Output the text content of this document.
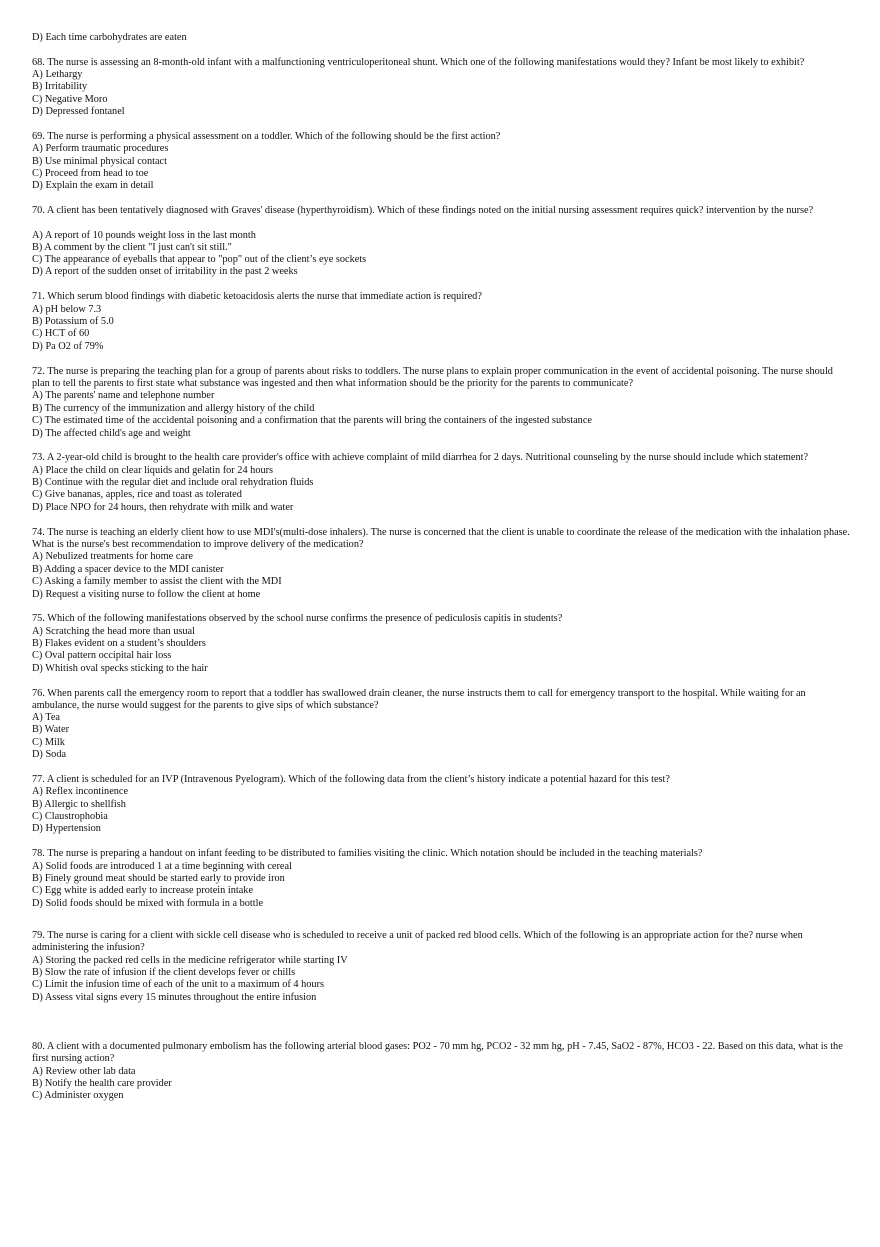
D) Each time carbohydrates are eaten
68. The nurse is assessing an 8-month-old infant with a malfunctioning ventriculoperitoneal shunt. Which one of the following manifestations would they? Infant be most likely to exhibit?
A) Lethargy
B) Irritability
C) Negative Moro
D) Depressed fontanel
69. The nurse is performing a physical assessment on a toddler. Which of the following should be the first action?
A) Perform traumatic procedures
B) Use minimal physical contact
C) Proceed from head to toe
D) Explain the exam in detail
70. A client has been tentatively diagnosed with Graves' disease (hyperthyroidism). Which of these findings noted on the initial nursing assessment requires quick? intervention by the nurse?
A) A report of 10 pounds weight loss in the last month
B) A comment by the client "I just can't sit still."
C) The appearance of eyeballs that appear to "pop" out of the client’s eye sockets
D) A report of the sudden onset of irritability in the past 2 weeks
71. Which serum blood findings with diabetic ketoacidosis alerts the nurse that immediate action is required?
A) pH below 7.3
B) Potassium of 5.0
C) HCT of 60
D) Pa O2 of 79%
72. The nurse is preparing the teaching plan for a group of parents about risks to toddlers. The nurse plans to explain proper communication in the event of accidental poisoning. The nurse should plan to tell the parents to first state what substance was ingested and then what information should be the priority for the parents to communicate?
A) The parents' name and telephone number
B) The currency of the immunization and allergy history of the child
C) The estimated time of the accidental poisoning and a confirmation that the parents will bring the containers of the ingested substance
D) The affected child's age and weight
73. A 2-year-old child is brought to the health care provider's office with achieve complaint of mild diarrhea for 2 days. Nutritional counseling by the nurse should include which statement?
A) Place the child on clear liquids and gelatin for 24 hours
B) Continue with the regular diet and include oral rehydration fluids
C) Give bananas, apples, rice and toast as tolerated
D) Place NPO for 24 hours, then rehydrate with milk and water
74. The nurse is teaching an elderly client how to use MDI's(multi-dose inhalers). The nurse is concerned that the client is unable to coordinate the release of the medication with the inhalation phase. What is the nurse's best recommendation to improve delivery of the medication?
A) Nebulized treatments for home care
B) Adding a spacer device to the MDI canister
C) Asking a family member to assist the client with the MDI
D) Request a visiting nurse to follow the client at home
75. Which of the following manifestations observed by the school nurse confirms the presence of pediculosis capitis in students?
A) Scratching the head more than usual
B) Flakes evident on a student’s shoulders
C) Oval pattern occipital hair loss
D) Whitish oval specks sticking to the hair
76. When parents call the emergency room to report that a toddler has swallowed drain cleaner, the nurse instructs them to call for emergency transport to the hospital. While waiting for an ambulance, the nurse would suggest for the parents to give sips of which substance?
A) Tea
B) Water
C) Milk
D) Soda
77. A client is scheduled for an IVP (Intravenous Pyelogram). Which of the following data from the client’s history indicate a potential hazard for this test?
A) Reflex incontinence
B) Allergic to shellfish
C) Claustrophobia
D) Hypertension
78. The nurse is preparing a handout on infant feeding to be distributed to families visiting the clinic. Which notation should be included in the teaching materials?
A) Solid foods are introduced 1 at a time beginning with cereal
B) Finely ground meat should be started early to provide iron
C) Egg white is added early to increase protein intake
D) Solid foods should be mixed with formula in a bottle
79. The nurse is caring for a client with sickle cell disease who is scheduled to receive a unit of packed red blood cells. Which of the following is an appropriate action for the? nurse when administering the infusion?
A) Storing the packed red cells in the medicine refrigerator while starting IV
B) Slow the rate of infusion if the client develops fever or chills
C) Limit the infusion time of each of the unit to a maximum of 4 hours
D) Assess vital signs every 15 minutes throughout the entire infusion
80. A client with a documented pulmonary embolism has the following arterial blood gases: PO2 - 70 mm hg, PCO2 - 32 mm hg, pH - 7.45, SaO2 - 87%, HCO3 - 22. Based on this data, what is the first nursing action?
A) Review other lab data
B) Notify the health care provider
C) Administer oxygen
